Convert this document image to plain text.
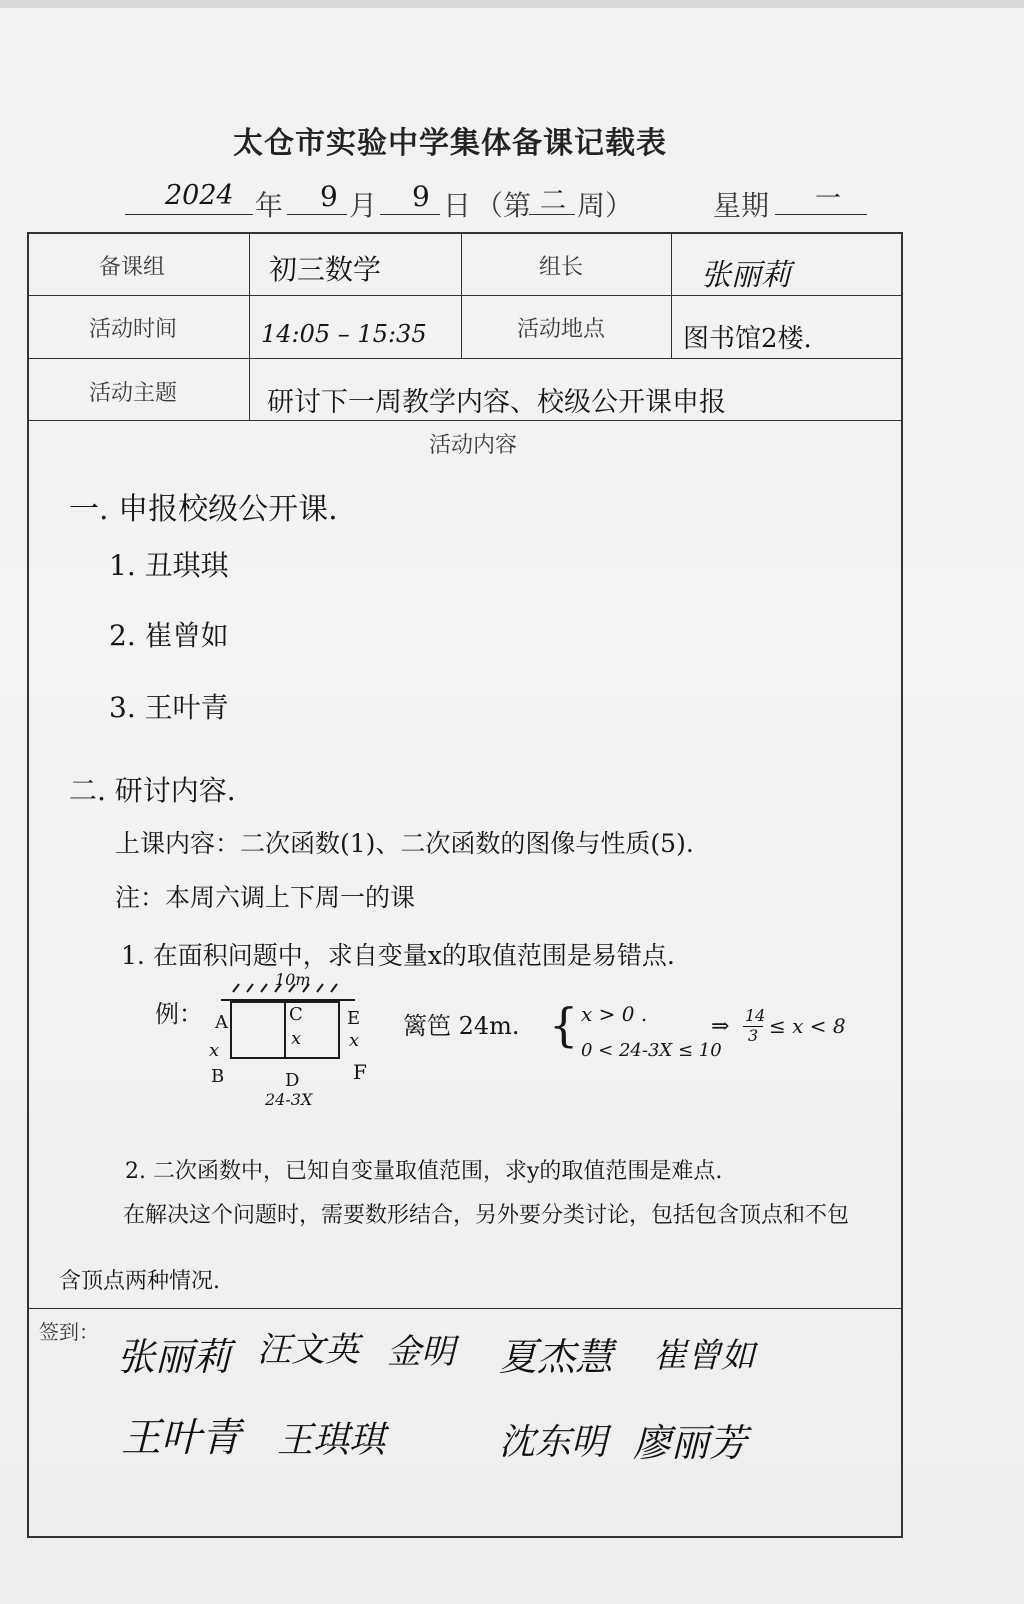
太仓市实验中学集体备课记载表
2024 年 9 月 9 日 （第 二 周）	星期 一
备课组	初三数学	组长	张丽莉
活动时间	14:05 – 15:35	活动地点	图书馆2楼.
活动主题	研讨下一周教学内容、校级公开课申报
活动内容
一. 申报校级公开课.
1. 丑琪琪
2. 崔曾如
3. 王叶青
二. 研讨内容.
上课内容：二次函数(1)、二次函数的图像与性质(5).
注：本周六调上下周一的课
1. 在面积问题中，求自变量x的取值范围是易错点.
例：
10m
A
x
B
C
x
D
E
x
F
24-3X
篱笆 24m. { x > 0 .
0 < 24-3X ≤ 10
⇒ 14
3 ≤ x < 8
2. 二次函数中，已知自变量取值范围，求y的取值范围是难点.
在解决这个问题时，需要数形结合，另外要分类讨论，包括包含顶点和不包
含顶点两种情况.
签到：
张丽莉 汪文英 金明 夏杰慧 崔曾如
王叶青 王琪琪	沈东明 廖丽芳
